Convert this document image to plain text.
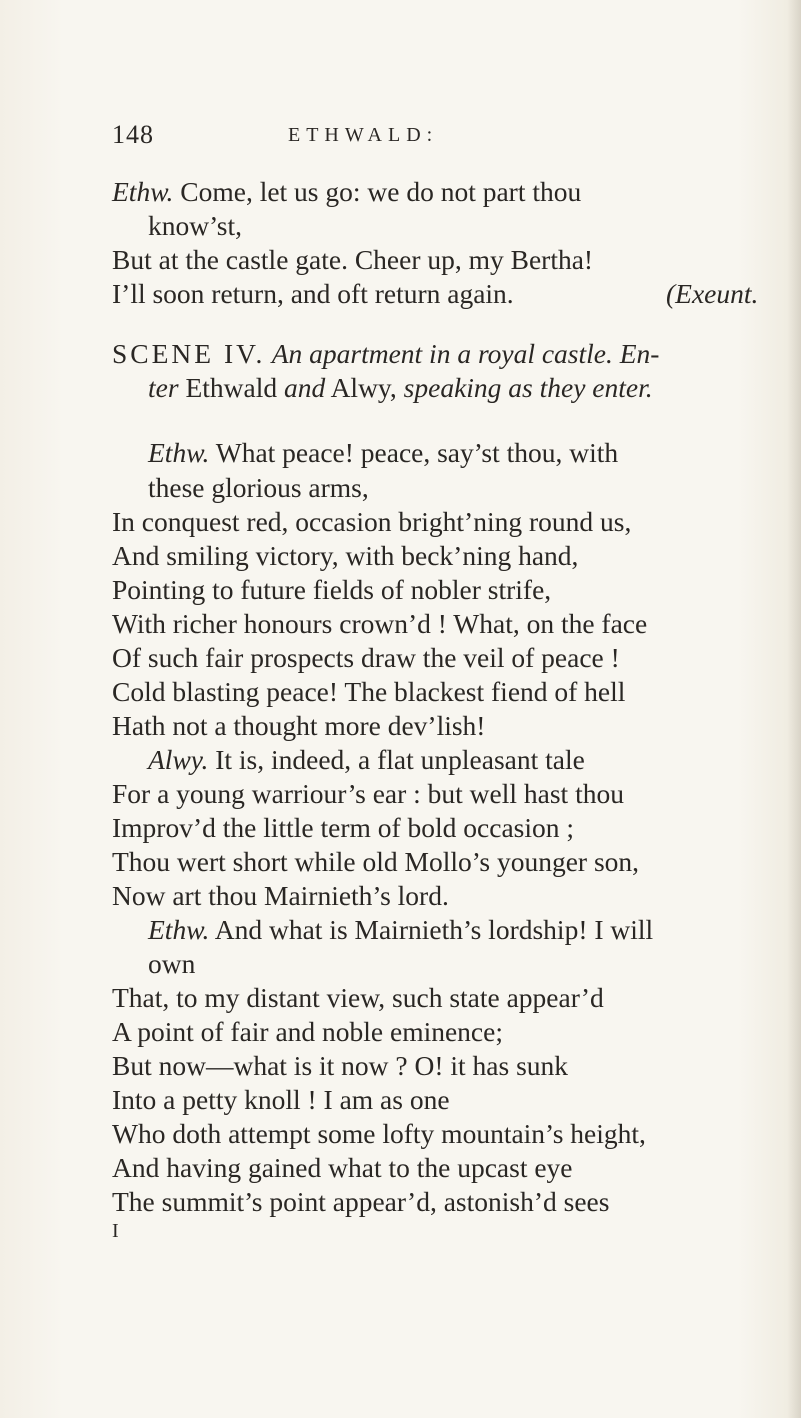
148	ETHWALD:
Ethw. Come, let us go: we do not part thou
know’st,
But at the castle gate. Cheer up, my Bertha!
I’ll soon return, and oft return again.	(Exeunt.
SCENE IV. An apartment in a royal castle. En-
ter Ethwald and Alwy, speaking as they enter.
Ethw. What peace! peace, say’st thou, with
these glorious arms,
In conquest red, occasion bright’ning round us,
And smiling victory, with beck’ning hand,
Pointing to future fields of nobler strife,
With richer honours crown’d ! What, on the face
Of such fair prospects draw the veil of peace !
Cold blasting peace! The blackest fiend of hell
Hath not a thought more dev’lish!
Alwy. It is, indeed, a flat unpleasant tale
For a young warriour’s ear : but well hast thou
Improv’d the little term of bold occasion ;
Thou wert short while old Mollo’s younger son,
Now art thou Mairnieth’s lord.
Ethw. And what is Mairnieth’s lordship! I will
own
That, to my distant view, such state appear’d
A point of fair and noble eminence;
But now—what is it now ? O! it has sunk
Into a petty knoll ! I am as one
Who doth attempt some lofty mountain’s height,
And having gained what to the upcast eye
The summit’s point appear’d, astonish’d sees
I
